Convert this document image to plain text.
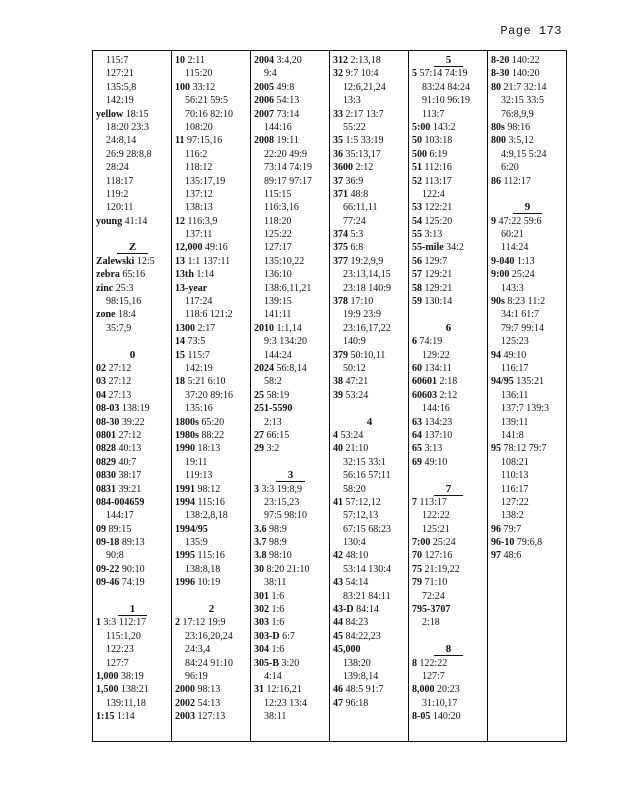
Page 173
115:7
127:21
135:5,8
142:19
yellow 18:15
18:20 23:3
24:8,14
26:9 28:8,8
28:24
118:17
119:2
120:11
young 41:14
Z
Zalewski 12:5
zebra 65:16
zinc 25:3
98:15,16
zone 18:4
35:7,9
0
02 27:12
03 27:12
04 27:13
08-03 138:19
08-30 39:22
0801 27:12
0828 40:13
0829 40:7
0830 38:17
0831 39:21
084-004659
144:17
09 89:15
09-18 89:13
90:8
09-22 90:10
09-46 74:19
1
1 3:3 112:17
115:1,20
122:23
127:7
1,000 38:19
1,500 138:21
139:11,18
1:15 1:14
10 2:11
115:20
100 33:12
56:21 59:5
70:16 82:10
108:20
11 97:15,16
116:2
118:12
135:17,19
137:12
138:13
12 116:3,9
137:11
12,000 49:16
13 1:1 137:11
13th 1:14
13-year
117:24
118:6 121:2
1300 2:17
14 73:5
15 115:7
142:19
18 5:21 6:10
37:20 89:16
135:16
1800s 65:20
1980s 88:22
1990 18:13
19:11
119:13
1991 98:12
1994 115:16
138:2,8,18
1994/95
135:9
1995 115:16
138:8,18
1996 10:19
2
2 17:12 19:9
23:16,20,24
24:3,4
84:24 91:10
96:19
2000 98:13
2002 54:13
2003 127:13
2004 3:4,20
9:4
2005 49:8
2006 54:13
2007 73:14
144:16
2008 19:11
22:20 49:9
73:14 74:19
89:17 97:17
115:15
116:3,16
118:20
125:22
127:17
135:10,22
136:10
138:6,11,21
139:15
141:11
2010 1:1,14
9:3 134:20
144:24
2024 56:8,14
58:2
25 58:19
251-5590
2:13
27 66:15
29 3:2
3
3 3:3 19:8,9
23:15,23
97:5 98:10
3.6 98:9
3.7 98:9
3.8 98:10
30 8:20 21:10
38:11
301 1:6
302 1:6
303 1:6
303-D 6:7
304 1:6
305-B 3:20
4:14
31 12:16,21
12:23 13:4
38:11
312 2:13,18
32 9:7 10:4
12:6,21,24
13:3
33 2:17 13:7
55:22
35 1:5 33:19
36 35:13,17
3600 2:12
37 36:9
371 48:8
66:11,11
77:24
374 5:3
375 6:8
377 19:2,9,9
23:13,14,15
23:18 140:9
378 17:10
19:9 23:9
23:16,17,22
140:9
379 50:10,11
50:12
38 47:21
39 53:24
4
4 53:24
40 21:10
32:15 33:1
56:16 57:11
58:20
41 57:12,12
57:12,13
67:15 68:23
130:4
42 48:10
53:14 130:4
43 54:14
83:21 84:11
43-D 84:14
44 84:23
45 84:22,23
45,000
138:20
139:8,14
46 48:5 91:7
47 96:18
5
5 57:14 74:19
83:24 84:24
91:10 96:19
113:7
5:00 143:2
50 103:18
500 6:19
51 112:16
52 113:17
122:4
53 122:21
54 125:20
55 3:13
55-mile 34:2
56 129:7
57 129:21
58 129:21
59 130:14
6
6 74:19
129:22
60 134:11
60601 2:18
60603 2:12
144:16
63 134:23
64 137:10
65 3:13
69 49:10
7
7 113:17
122:22
125:21
7:00 25:24
70 127:16
75 21:19,22
79 71:10
72:24
795-3707
2:18
8
8 122:22
127:7
8,000 20:23
31:10,17
8-05 140:20
8-20 140:22
8-30 140:20
80 21:7 32:14
32:15 33:5
76:8,9,9
80s 98:16
800 3:5,12
4:9,15 5:24
6:20
86 112:17
9
9 47:22 59:6
60:21
114:24
9-040 1:13
9:00 25:24
143:3
90s 8:23 11:2
34:1 61:7
79:7 99:14
125:23
94 49:10
116:17
94/95 135:21
136:11
137:7 139:3
139:11
141:8
95 78:12 79:7
108:21
110:13
116:17
127:22
138:2
96 79:7
96-10 79:6,8
97 48:6
